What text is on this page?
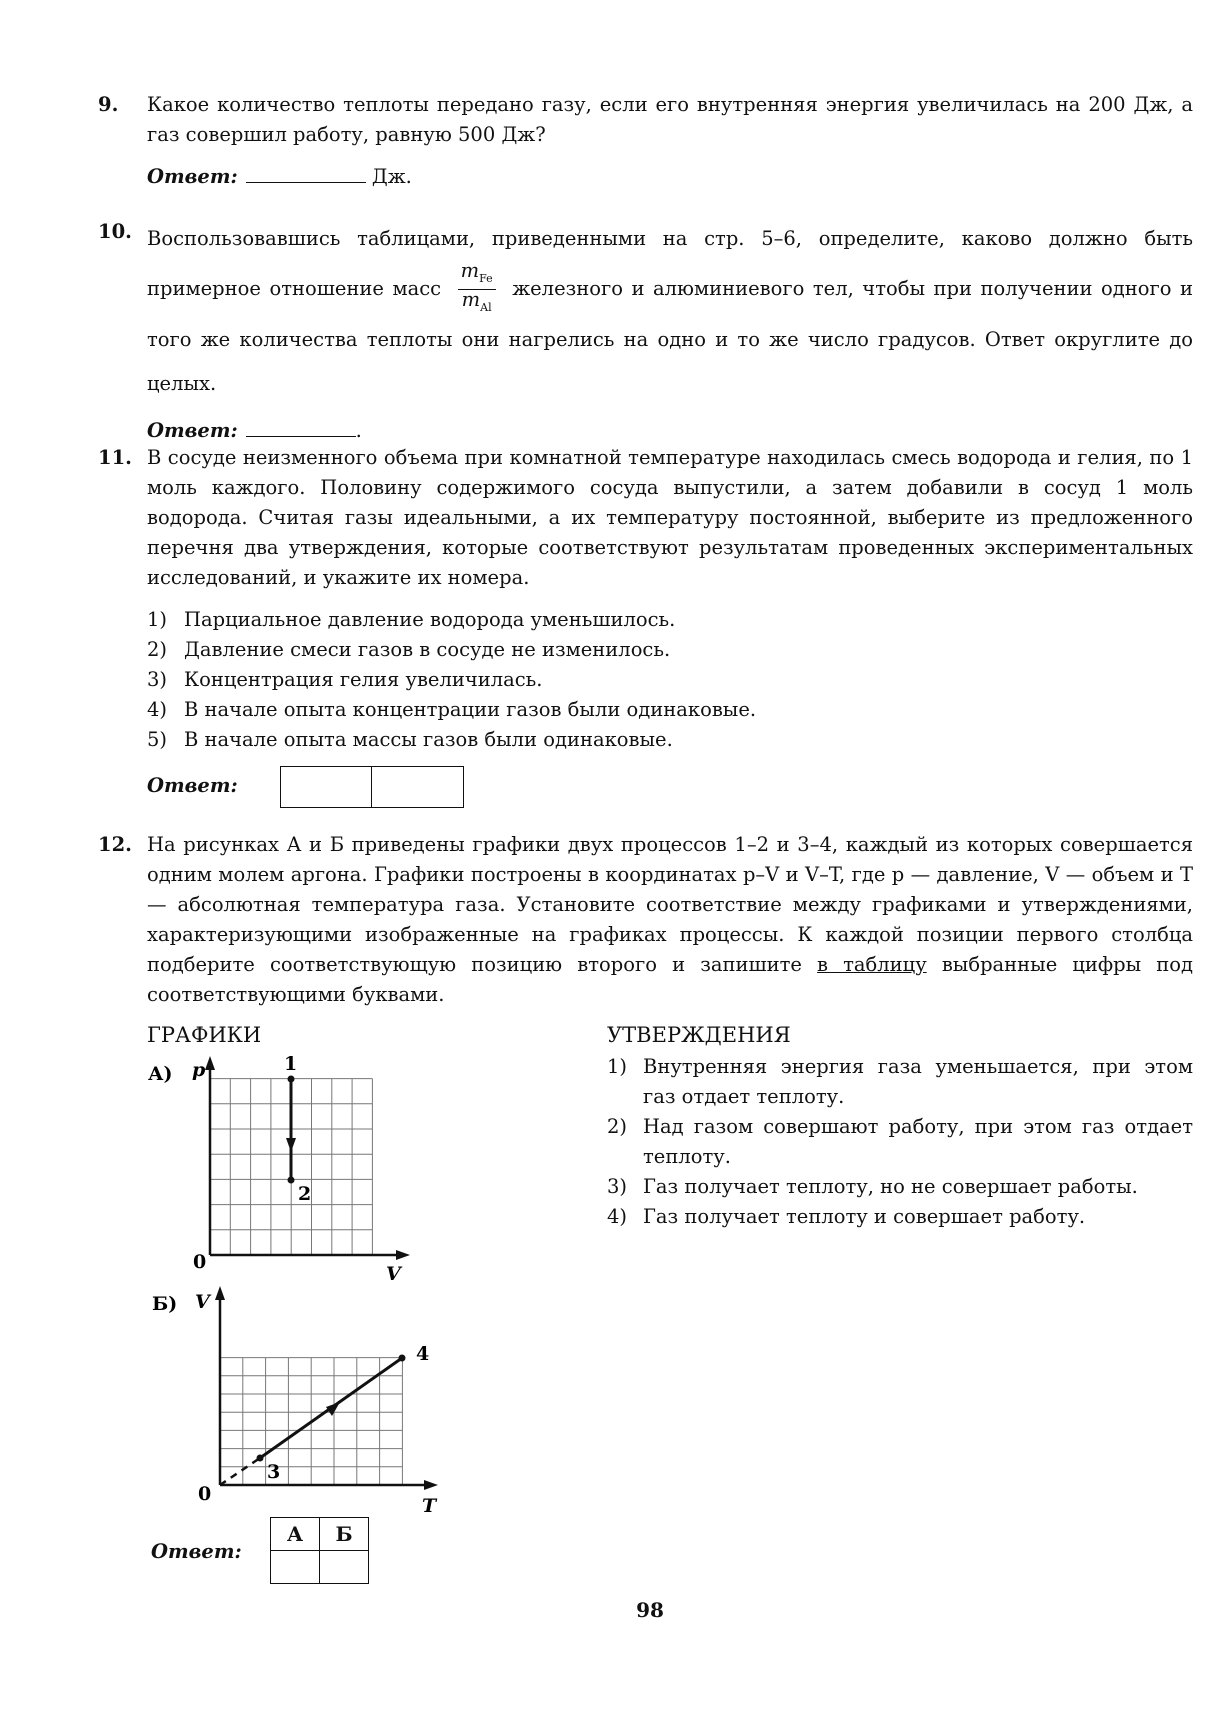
9. Какое количество теплоты передано газу, если его внутренняя энергия увеличилась на 200 Дж, а газ совершил работу, равную 500 Дж?
Ответ:	Дж.
10. Воспользовавшись таблицами, приведенными на стр. 5–6, определите, каково должно быть примерное отношение масс $\frac{m_{Fe}}{m_{Al}}$ железного и алюминиевого тел, чтобы при получении одного и того же количества теплоты они нагрелись на одно и то же число градусов. Ответ округлите до целых.
Ответ:	.
11. В сосуде неизменного объема при комнатной температуре находилась смесь водорода и гелия, по 1 моль каждого. Половину содержимого сосуда выпустили, а затем добавили в сосуд 1 моль водорода. Считая газы идеальными, а их температуру постоянной, выберите из предложенного перечня два утверждения, которые соответствуют результатам проведенных экспериментальных исследований, и укажите их номера.
1) Парциальное давление водорода уменьшилось.
2) Давление смеси газов в сосуде не изменилось.
3) Концентрация гелия увеличилась.
4) В начале опыта концентрации газов были одинаковые.
5) В начале опыта массы газов были одинаковые.
Ответ:
12. На рисунках А и Б приведены графики двух процессов 1–2 и 3–4, каждый из которых совершается одним молем аргона. Графики построены в координатах p–V и V–T, где p — давление, V — объем и T — абсолютная температура газа. Установите соответствие между графиками и утверждениями, характеризующими изображенные на графиках процессы. К каждой позиции первого столбца подберите соответствующую позицию второго и запишите в таблицу выбранные цифры под соответствующими буквами.
ГРАФИКИ	УТВЕРЖДЕНИЯ
1) Внутренняя энергия газа уменьшается, при этом газ отдает теплоту.
2) Над газом совершают работу, при этом газ отдает теплоту.
3) Газ получает теплоту, но не совершает работы.
4) Газ получает теплоту и совершает работу.
А) p
0
V
1
2
Б) V
0
T
3
4
Ответ:
А	Б

98
